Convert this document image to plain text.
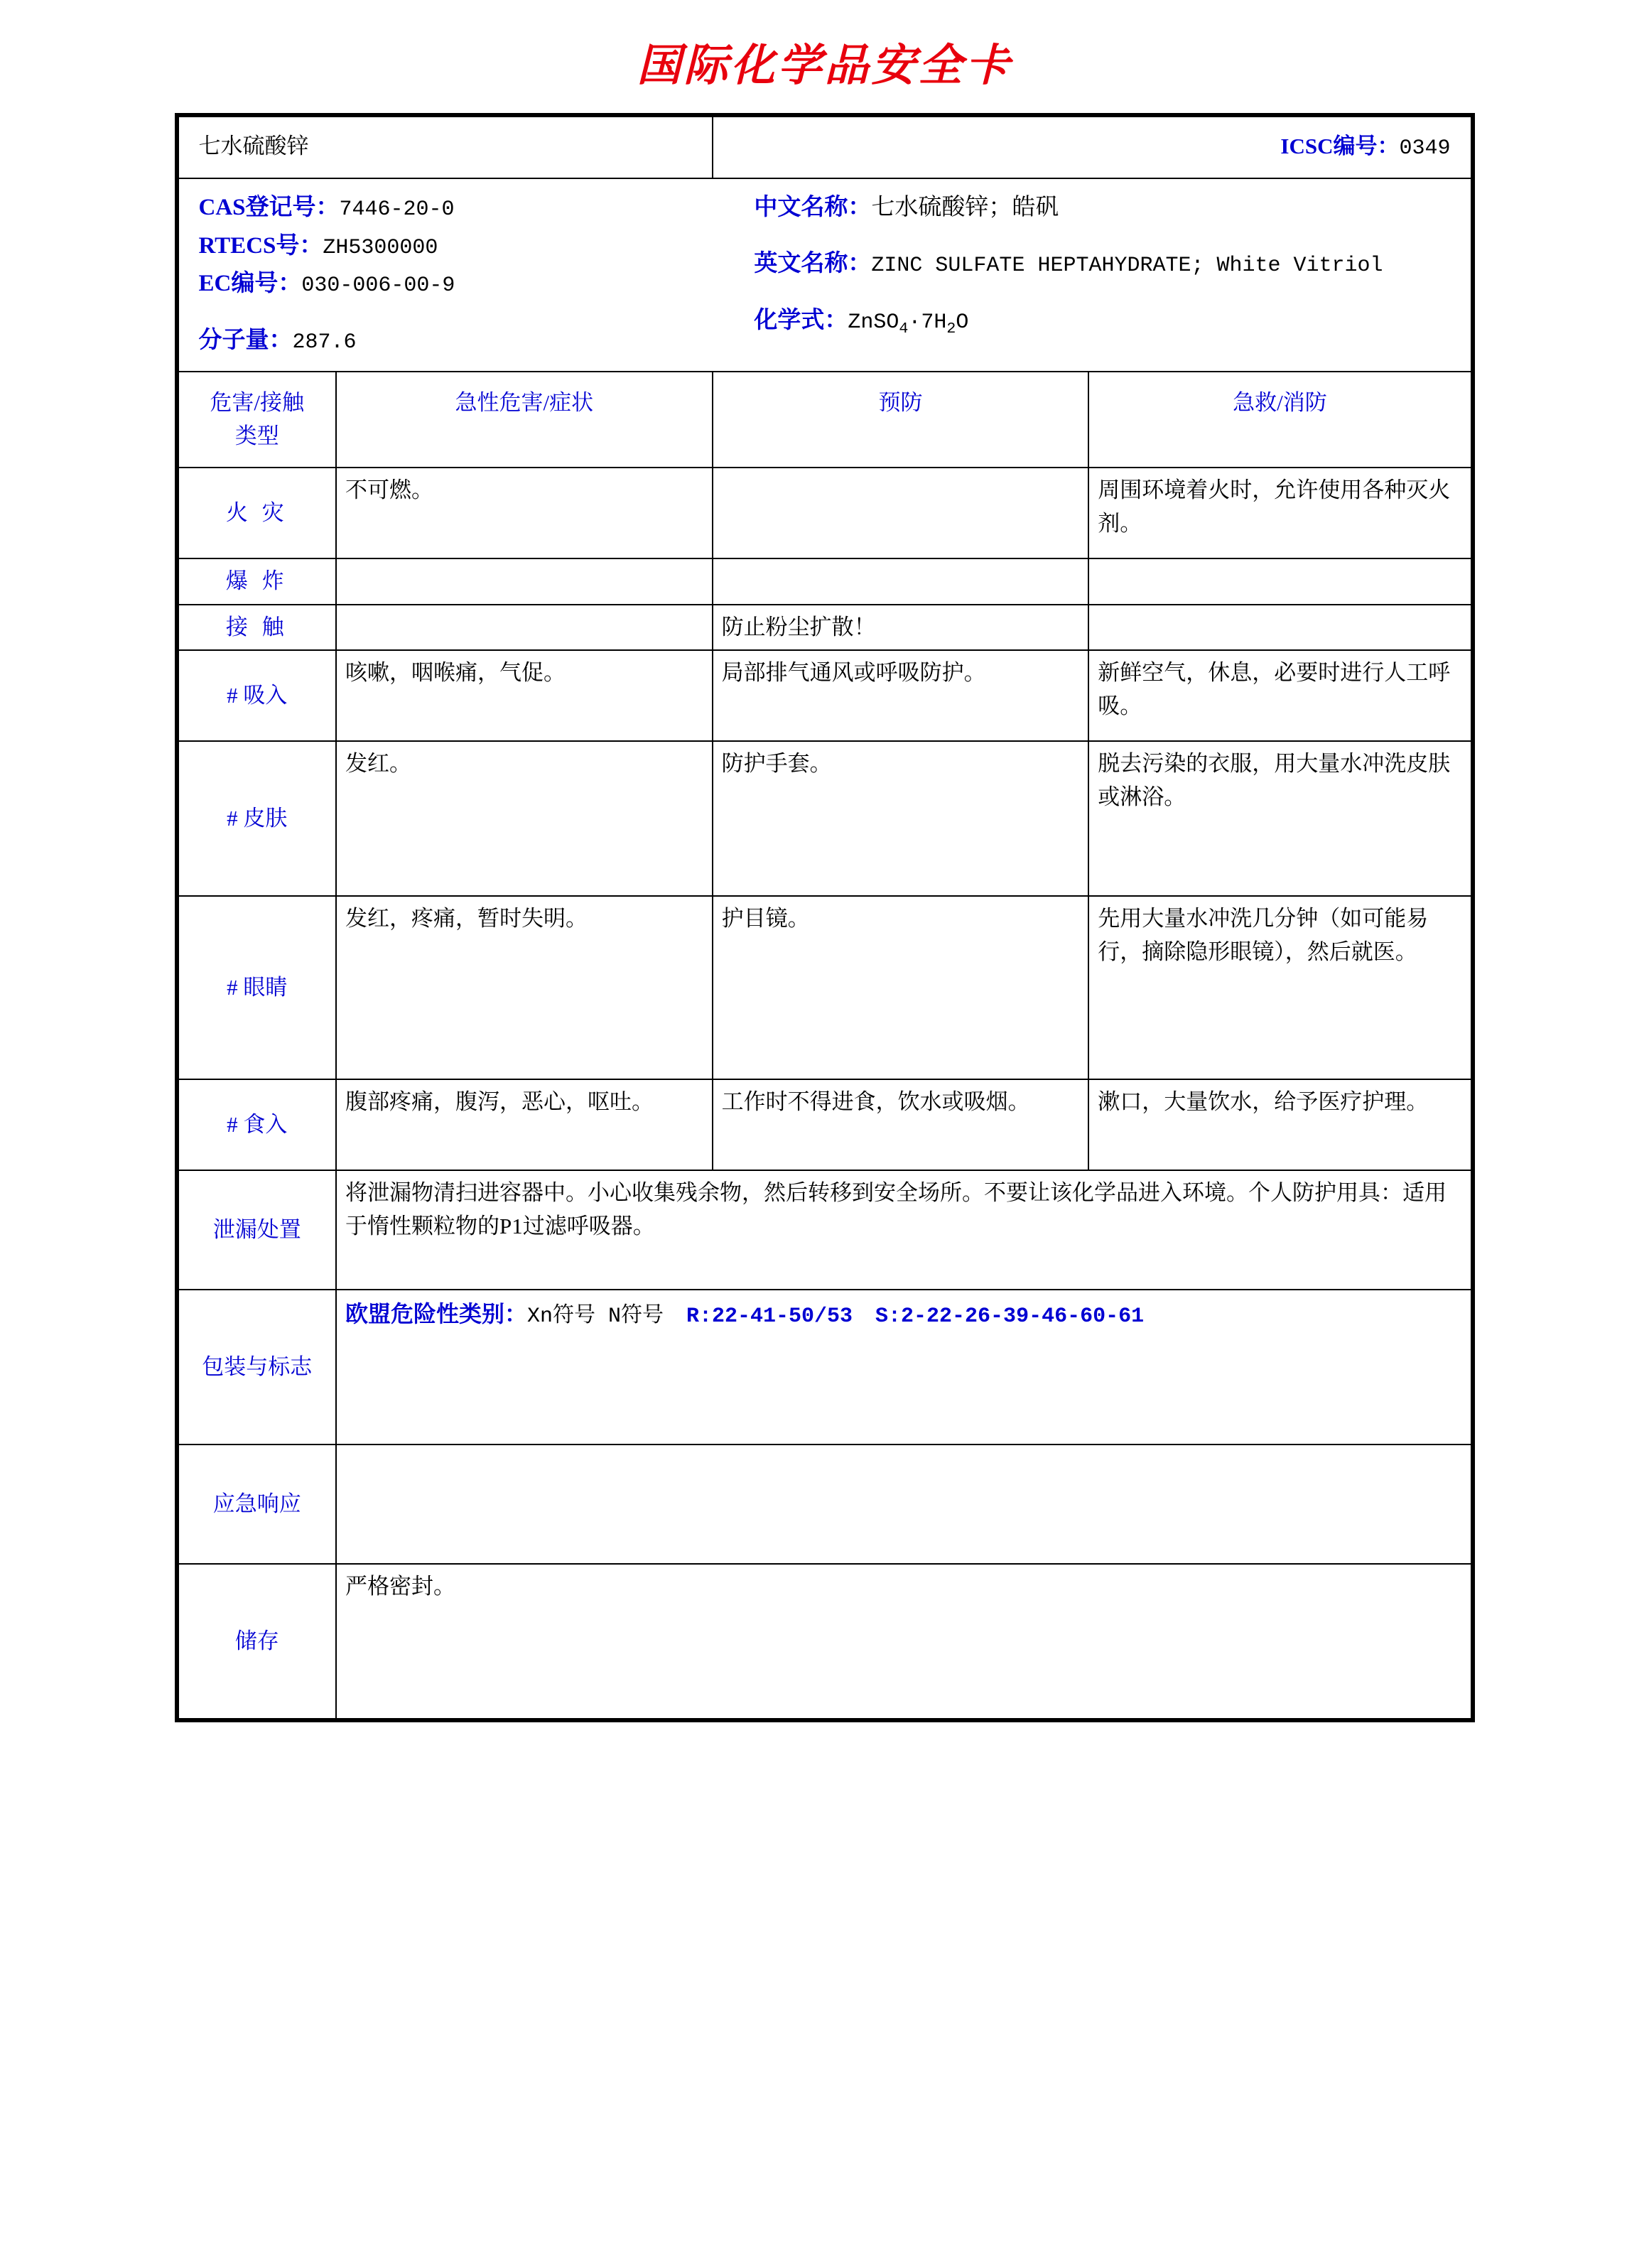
国际化学品安全卡
七水硫酸锌		ICSC编号：0349	

CAS登记号：7446-20-0
RTECS号：ZH5300000
EC编号：030-006-00-9
分子量：287.6
中文名称：七水硫酸锌；皓矾
英文名称：ZINC SULFATE HEPTAHYDRATE; White Vitriol
化学式：$ZnSO_4\cdot 7H_2O$

危害/接触
类型	急性危害/症状	预防	急救/消防
火 灾	不可燃。		周围环境着火时，允许使用各种灭火剂。
爆 炸			
接 触		防止粉尘扩散！	
# 吸入	咳嗽，咽喉痛，气促。	局部排气通风或呼吸防护。	新鲜空气，休息，必要时进行人工呼吸。
# 皮肤	发红。	防护手套。	脱去污染的衣服，用大量水冲洗皮肤或淋浴。
# 眼睛	发红，疼痛，暂时失明。	护目镜。	先用大量水冲洗几分钟（如可能易行，摘除隐形眼镜），然后就医。
# 食入	腹部疼痛，腹泻，恶心，呕吐。	工作时不得进食，饮水或吸烟。	漱口，大量饮水，给予医疗护理。
泄漏处置	将泄漏物清扫进容器中。小心收集残余物，然后转移到安全场所。不要让该化学品进入环境。个人防护用具：适用于惰性颗粒物的P1过滤呼吸器。		
包装与标志	欧盟危险性类别：Xn符号 N符号 R:22-41-50/53 S:2-22-26-39-46-60-61		

应急响应			
储存	严格密封。		
